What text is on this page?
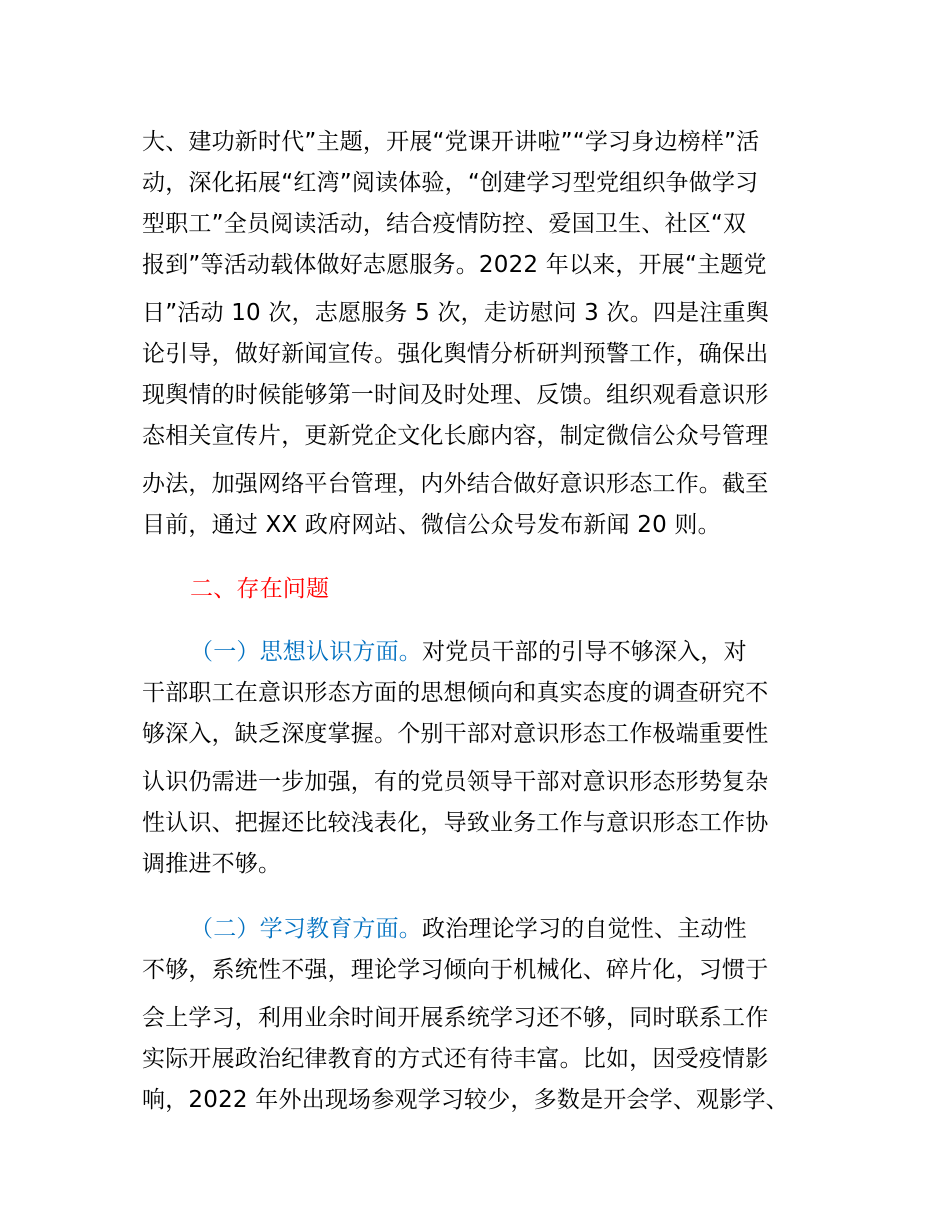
大、建功新时代”主题，开展“党课开讲啦”“学习身边榜样”活
动，深化拓展“红湾”阅读体验，“创建学习型党组织争做学习
型职工”全员阅读活动，结合疫情防控、爱国卫生、社区“双
报到”等活动载体做好志愿服务。2022 年以来，开展“主题党
日”活动 10 次，志愿服务 5 次，走访慰问 3 次。四是注重舆
论引导，做好新闻宣传。强化舆情分析研判预警工作，确保出
现舆情的时候能够第一时间及时处理、反馈。组织观看意识形
态相关宣传片，更新党企文化长廊内容，制定微信公众号管理
办法，加强网络平台管理，内外结合做好意识形态工作。截至
目前，通过 XX 政府网站、微信公众号发布新闻 20 则。
二、存在问题
（一）思想认识方面。对党员干部的引导不够深入，对
干部职工在意识形态方面的思想倾向和真实态度的调查研究不
够深入，缺乏深度掌握。个别干部对意识形态工作极端重要性
认识仍需进一步加强，有的党员领导干部对意识形态形势复杂
性认识、把握还比较浅表化，导致业务工作与意识形态工作协
调推进不够。
（二）学习教育方面。政治理论学习的自觉性、主动性
不够，系统性不强，理论学习倾向于机械化、碎片化，习惯于
会上学习，利用业余时间开展系统学习还不够，同时联系工作
实际开展政治纪律教育的方式还有待丰富。比如，因受疫情影
响，2022 年外出现场参观学习较少，多数是开会学、观影学、
